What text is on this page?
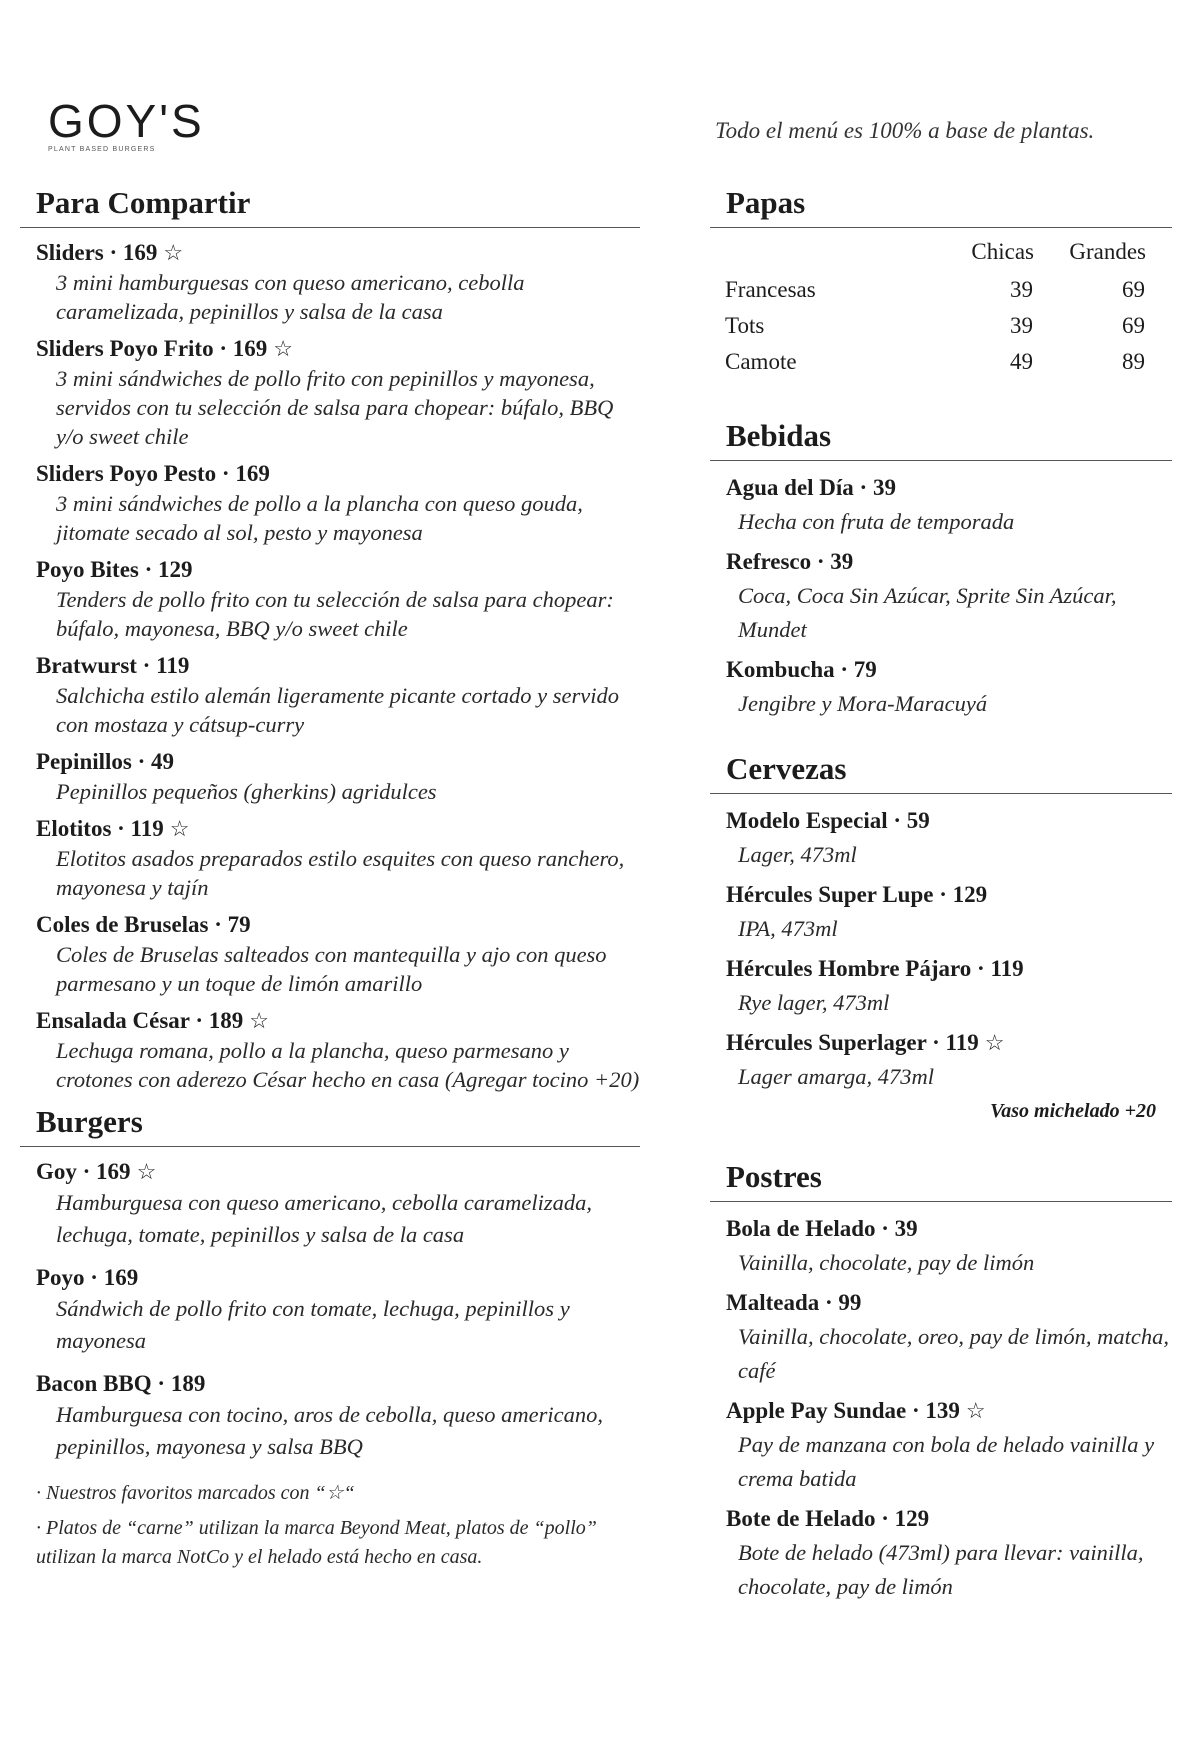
GOY'S
PLANT BASED BURGERS
Todo el menú es 100% a base de plantas.
Para Compartir
Sliders · 169 ☆
3 mini hamburguesas con queso americano, cebolla caramelizada, pepinillos y salsa de la casa
Sliders Poyo Frito · 169 ☆
3 mini sándwiches de pollo frito con pepinillos y mayonesa, servidos con tu selección de salsa para chopear: búfalo, BBQ y/o sweet chile
Sliders Poyo Pesto · 169
3 mini sándwiches de pollo a la plancha con queso gouda, jitomate secado al sol, pesto y mayonesa
Poyo Bites · 129
Tenders de pollo frito con tu selección de salsa para chopear: búfalo, mayonesa, BBQ y/o sweet chile
Bratwurst · 119
Salchicha estilo alemán ligeramente picante cortado y servido con mostaza y cátsup-curry
Pepinillos · 49
Pepinillos pequeños (gherkins) agridulces
Elotitos · 119 ☆
Elotitos asados preparados estilo esquites con queso ranchero, mayonesa y tajín
Coles de Bruselas · 79
Coles de Bruselas salteados con mantequilla y ajo con queso parmesano y un toque de limón amarillo
Ensalada César · 189 ☆
Lechuga romana, pollo a la plancha, queso parmesano y crotones con aderezo César hecho en casa (Agregar tocino +20)
Burgers
Goy · 169 ☆
Hamburguesa con queso americano, cebolla caramelizada, lechuga, tomate, pepinillos y salsa de la casa
Poyo · 169
Sándwich de pollo frito con tomate, lechuga, pepinillos y mayonesa
Bacon BBQ · 189
Hamburguesa con tocino, aros de cebolla, queso americano, pepinillos, mayonesa y salsa BBQ
· Nuestros favoritos marcados con “☆“
· Platos de “carne” utilizan la marca Beyond Meat, platos de “pollo” utilizan la marca NotCo y el helado está hecho en casa.
Papas
	Chicas	Grandes
Francesas	39	69
Tots	39	69
Camote	49	89
Bebidas
Agua del Día · 39
Hecha con fruta de temporada
Refresco · 39
Coca, Coca Sin Azúcar, Sprite Sin Azúcar, Mundet
Kombucha · 79
Jengibre y Mora-Maracuyá
Cervezas
Modelo Especial · 59
Lager, 473ml
Hércules Super Lupe · 129
IPA, 473ml
Hércules Hombre Pájaro · 119
Rye lager, 473ml
Hércules Superlager · 119 ☆
Lager amarga, 473ml
Vaso michelado +20
Postres
Bola de Helado · 39
Vainilla, chocolate, pay de limón
Malteada · 99
Vainilla, chocolate, oreo, pay de limón, matcha, café
Apple Pay Sundae · 139 ☆
Pay de manzana con bola de helado vainilla y crema batida
Bote de Helado · 129
Bote de helado (473ml) para llevar: vainilla, chocolate, pay de limón
